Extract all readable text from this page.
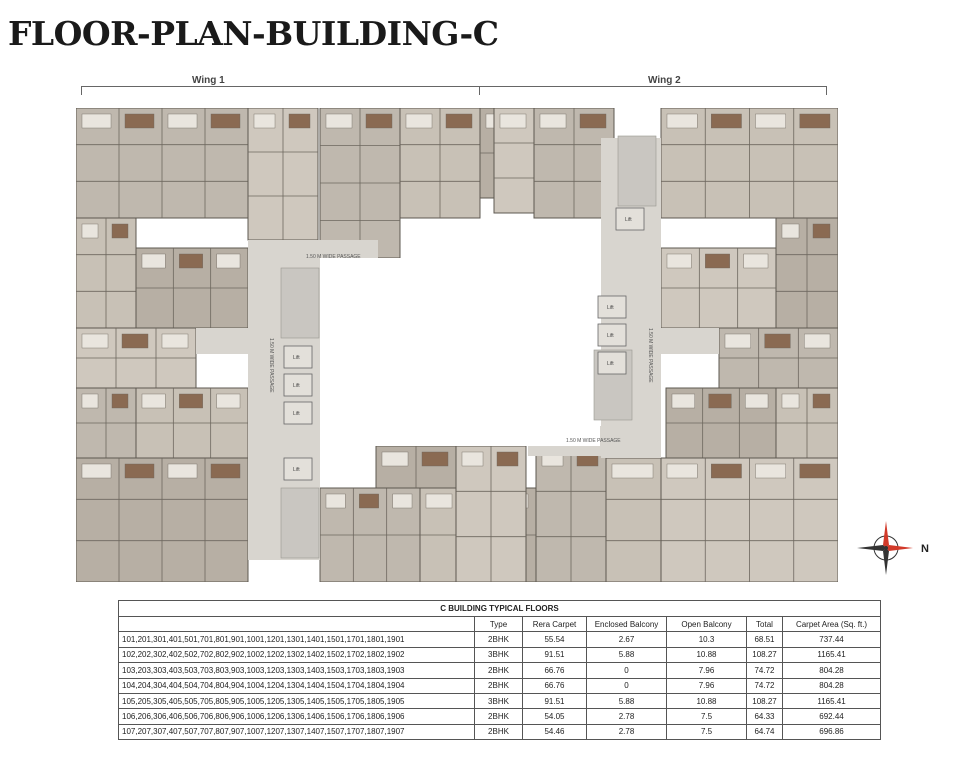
FLOOR-PLAN-BUILDING-C
Wing 1	Wing 2
Lift
Lift
Lift
Lift
Lift
Lift
Lift
Lift
1.50 M WIDE PASSAGE	1.50 M WIDE PASSAGE
1.50 M WIDE PASSAGE
1.50 M WIDE PASSAGE
N
C BUILDING TYPICAL FLOORS						
	Type	Rera Carpet	Enclosed Balcony	Open Balcony	Total	Carpet Area (Sq. ft.)
101,201,301,401,501,701,801,901,1001,1201,1301,1401,1501,1701,1801,1901	2BHK	55.54	2.67	10.3	68.51	737.44
102,202,302,402,502,702,802,902,1002,1202,1302,1402,1502,1702,1802,1902	3BHK	91.51	5.88	10.88	108.27	1165.41
103,203,303,403,503,703,803,903,1003,1203,1303,1403,1503,1703,1803,1903	2BHK	66.76	0	7.96	74.72	804.28
104,204,304,404,504,704,804,904,1004,1204,1304,1404,1504,1704,1804,1904	2BHK	66.76	0	7.96	74.72	804.28
105,205,305,405,505,705,805,905,1005,1205,1305,1405,1505,1705,1805,1905	3BHK	91.51	5.88	10.88	108.27	1165.41
106,206,306,406,506,706,806,906,1006,1206,1306,1406,1506,1706,1806,1906	2BHK	54.05	2.78	7.5	64.33	692.44
107,207,307,407,507,707,807,907,1007,1207,1307,1407,1507,1707,1807,1907	2BHK	54.46	2.78	7.5	64.74	696.86
